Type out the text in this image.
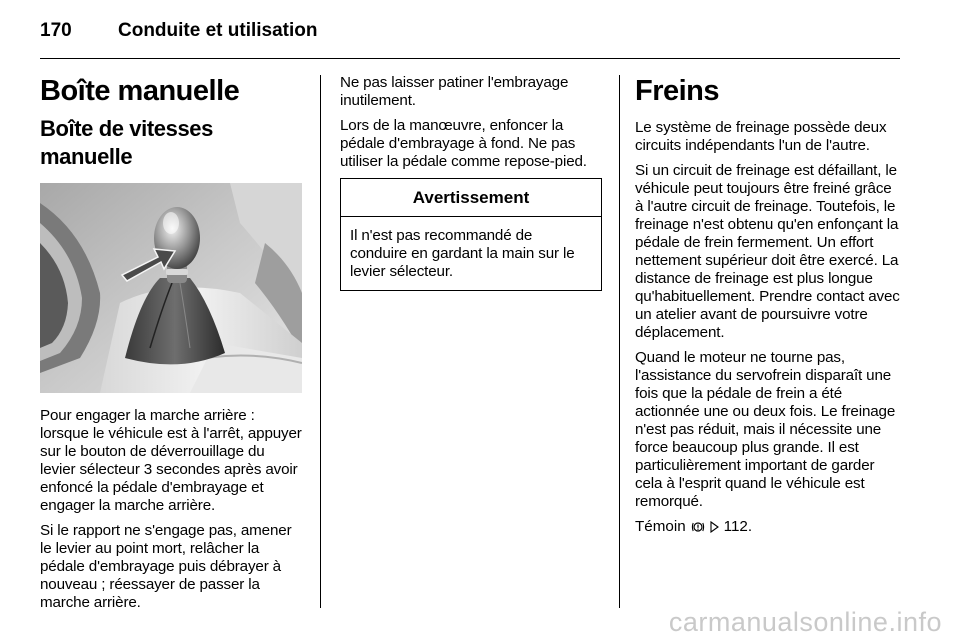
170 Conduite et utilisation
Boîte manuelle
Boîte de vitesses manuelle
Pour engager la marche arrière : lorsque le véhicule est à l'arrêt, appuyer sur le bouton de déverrouillage du levier sélecteur 3 secondes après avoir enfoncé la pédale d'embrayage et engager la marche arrière.
Si le rapport ne s'engage pas, amener le levier au point mort, relâcher la pédale d'embrayage puis débrayer à nouveau ; réessayer de passer la marche arrière.
Ne pas laisser patiner l'embrayage inutilement.
Lors de la manœuvre, enfoncer la pédale d'embrayage à fond. Ne pas utiliser la pédale comme repose-pied.
Avertissement
Il n'est pas recommandé de conduire en gardant la main sur le levier sélecteur.
Freins
Le système de freinage possède deux circuits indépendants l'un de l'autre.
Si un circuit de freinage est défaillant, le véhicule peut toujours être freiné grâce à l'autre circuit de freinage. Toutefois, le freinage n'est obtenu qu'en enfonçant la pédale de frein fermement. Un effort nettement supérieur doit être exercé. La distance de freinage est plus longue qu'habituellement. Prendre contact avec un atelier avant de poursuivre votre déplacement.
Quand le moteur ne tourne pas, l'assistance du servofrein disparaît une fois que la pédale de frein a été actionnée une ou deux fois. Le freinage n'est pas réduit, mais il nécessite une force beaucoup plus grande. Il est particulièrement important de garder cela à l'esprit quand le véhicule est remorqué.
Témoin	112.
carmanualsonline.info
